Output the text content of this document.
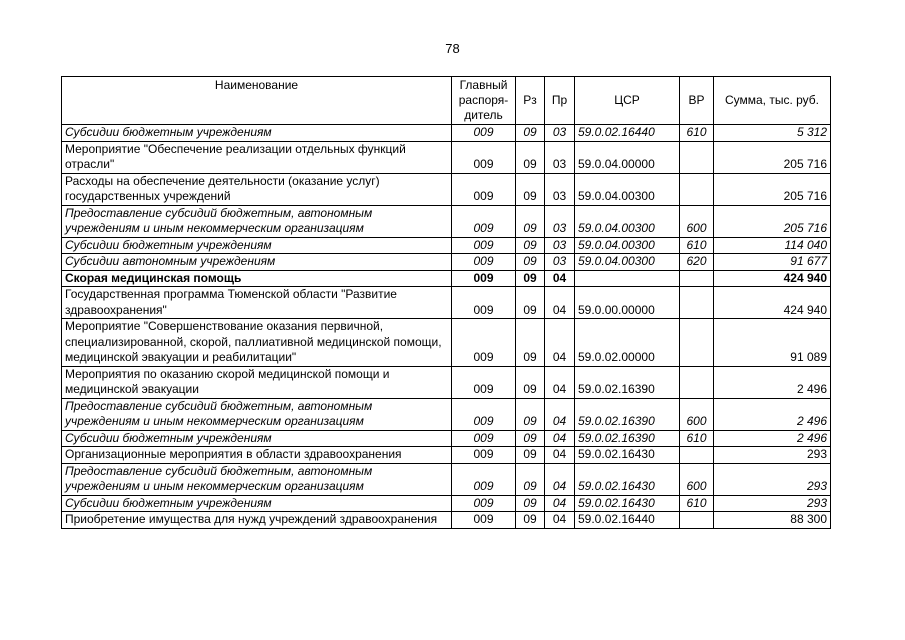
78
Наименование	Главный распоря-дитель	Рз	Пр	ЦСР	ВР	Сумма, тыс. руб.
Субсидии бюджетным учреждениям	009	09	03	59.0.02.16440	610	5 312
Мероприятие "Обеспечение реализации отдельных функций отрасли"	009	09	03	59.0.04.00000		205 716
Расходы на обеспечение деятельности (оказание услуг) государственных учреждений	009	09	03	59.0.04.00300		205 716
Предоставление субсидий бюджетным, автономным учреждениям и иным некоммерческим организациям	009	09	03	59.0.04.00300	600	205 716
Субсидии бюджетным учреждениям	009	09	03	59.0.04.00300	610	114 040
Субсидии автономным учреждениям	009	09	03	59.0.04.00300	620	91 677
Скорая медицинская помощь	009	09	04			424 940
Государственная программа Тюменской области "Развитие здравоохранения"	009	09	04	59.0.00.00000		424 940
Мероприятие "Совершенствование оказания первичной, специализированной, скорой, паллиативной медицинской помощи, медицинской эвакуации и реабилитации"	009	09	04	59.0.02.00000		91 089
Мероприятия по оказанию скорой медицинской помощи и медицинской эвакуации	009	09	04	59.0.02.16390		2 496
Предоставление субсидий бюджетным, автономным учреждениям и иным некоммерческим организациям	009	09	04	59.0.02.16390	600	2 496
Субсидии бюджетным учреждениям	009	09	04	59.0.02.16390	610	2 496
Организационные мероприятия в области здравоохранения	009	09	04	59.0.02.16430		293
Предоставление субсидий бюджетным, автономным учреждениям и иным некоммерческим организациям	009	09	04	59.0.02.16430	600	293
Субсидии бюджетным учреждениям	009	09	04	59.0.02.16430	610	293
Приобретение имущества для нужд учреждений здравоохранения	009	09	04	59.0.02.16440		88 300
